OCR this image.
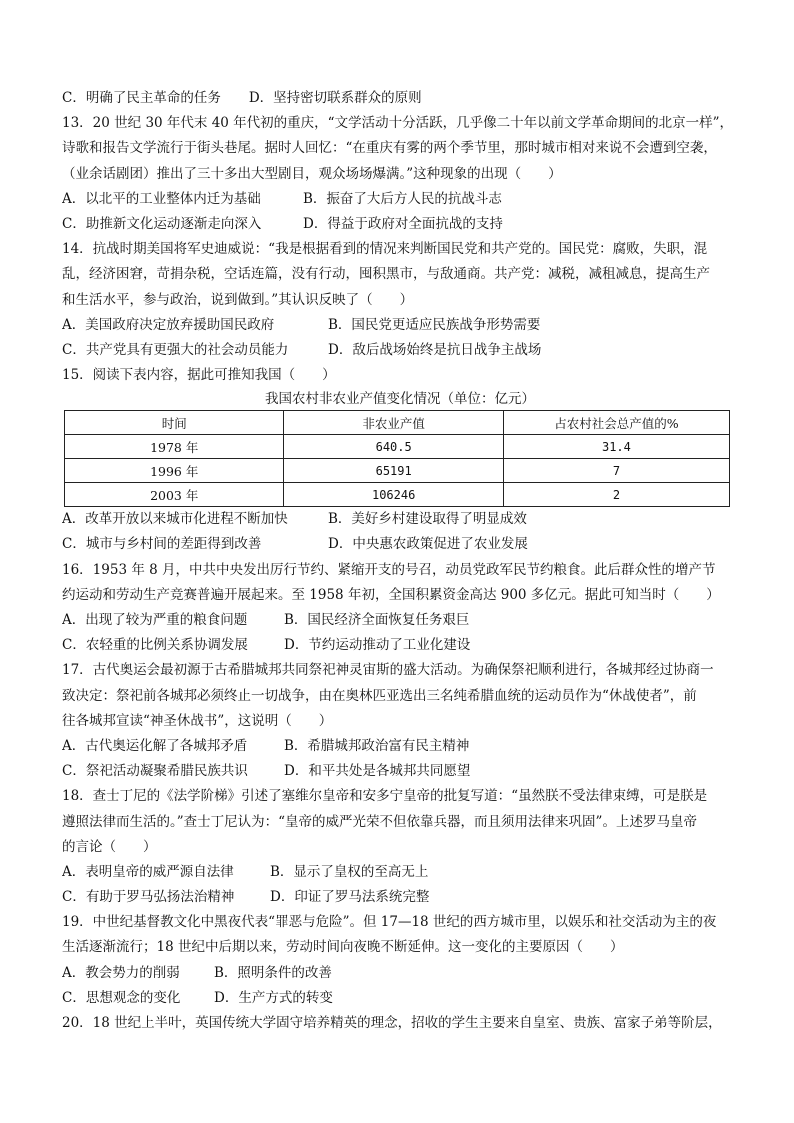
C．明确了民主革命的任务 D．坚持密切联系群众的原则
13．20 世纪 30 年代末 40 年代初的重庆，“文学活动十分活跃，几乎像二十年以前文学革命期间的北京一样”，
诗歌和报告文学流行于街头巷尾。据时人回忆：“在重庆有雾的两个季节里，那时城市相对来说不会遭到空袭，
（业余话剧团）推出了三十多出大型剧目，观众场场爆满。”这种现象的出现（　　）
A．以北平的工业整体内迁为基础	B．振奋了大后方人民的抗战斗志
C．助推新文化运动逐渐走向深入	D．得益于政府对全面抗战的支持
14．抗战时期美国将军史迪威说：“我是根据看到的情况来判断国民党和共产党的。国民党：腐败，失职，混
乱，经济困窘，苛捐杂税，空话连篇，没有行动，囤积黑市，与敌通商。共产党：减税，减租减息，提高生产
和生活水平，参与政治，说到做到。”其认识反映了（　　）
A．美国政府决定放弃援助国民政府	B．国民党更适应民族战争形势需要
C．共产党具有更强大的社会动员能力	D．敌后战场始终是抗日战争主战场
15．阅读下表内容，据此可推知我国（　　）
我国农村非农业产值变化情况（单位：亿元）
时间	非农业产值	占农村社会总产值的%
1978 年	640.5	31.4
1996 年	65191	7
2003 年	106246	2
A．改革开放以来城市化进程不断加快	B．美好乡村建设取得了明显成效
C．城市与乡村间的差距得到改善	D．中央惠农政策促进了农业发展
16．1953 年 8 月，中共中央发出厉行节约、紧缩开支的号召，动员党政军民节约粮食。此后群众性的增产节
约运动和劳动生产竞赛普遍开展起来。至 1958 年初，全国积累资金高达 900 多亿元。据此可知当时（　　）
A．出现了较为严重的粮食问题	B．国民经济全面恢复任务艰巨
C．农轻重的比例关系协调发展	D．节约运动推动了工业化建设
17．古代奥运会最初源于古希腊城邦共同祭祀神灵宙斯的盛大活动。为确保祭祀顺利进行，各城邦经过协商一
致决定：祭祀前各城邦必须终止一切战争，由在奥林匹亚选出三名纯希腊血统的运动员作为“休战使者”，前
往各城邦宣读“神圣休战书”，这说明（　　）
A．古代奥运化解了各城邦矛盾	B．希腊城邦政治富有民主精神
C．祭祀活动凝聚希腊民族共识	D．和平共处是各城邦共同愿望
18．查士丁尼的《法学阶梯》引述了塞维尔皇帝和安多宁皇帝的批复写道：“虽然朕不受法律束缚，可是朕是
遵照法律而生活的。”查士丁尼认为：“皇帝的威严光荣不但依靠兵器，而且须用法律来巩固”。上述罗马皇帝
的言论（　　）
A．表明皇帝的威严源自法律	B．显示了皇权的至高无上
C．有助于罗马弘扬法治精神	D．印证了罗马法系统完整
19．中世纪基督教文化中黑夜代表“罪恶与危险”。但 17—18 世纪的西方城市里，以娱乐和社交活动为主的夜
生活逐渐流行；18 世纪中后期以来，劳动时间向夜晚不断延伸。这一变化的主要原因（　　）
A．教会势力的削弱	B．照明条件的改善
C．思想观念的变化 D．生产方式的转变
20．18 世纪上半叶，英国传统大学固守培养精英的理念，招收的学生主要来自皇室、贵族、富家子弟等阶层，
